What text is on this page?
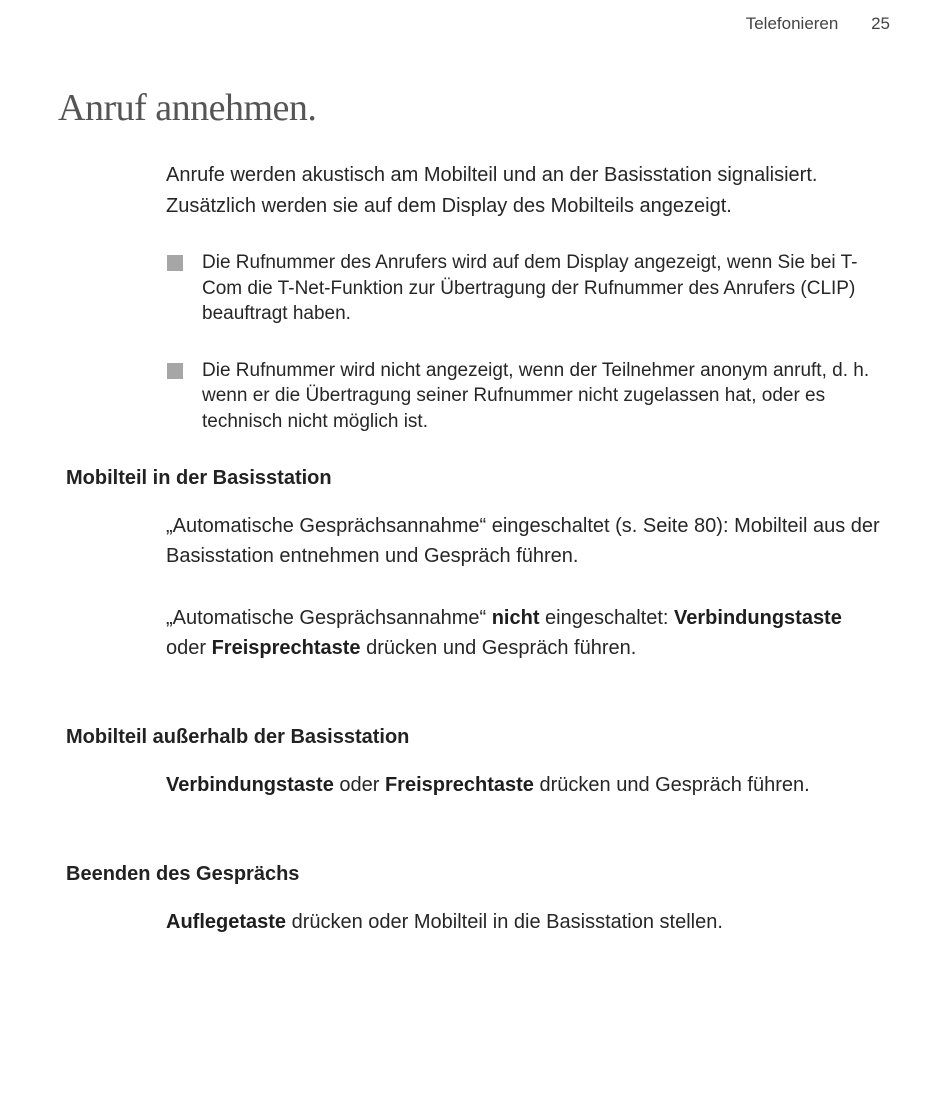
Telefonieren 25
Anruf annehmen.

Anrufe werden akustisch am Mobilteil und an der Basisstation signalisiert.
Zusätzlich werden sie auf dem Display des Mobilteils angezeigt.

Die Rufnummer des Anrufers wird auf dem Display angezeigt, wenn Sie bei T-Com die T-Net-Funktion zur Übertragung der Rufnummer des Anrufers (CLIP) beauftragt haben.
Die Rufnummer wird nicht angezeigt, wenn der Teilnehmer anonym anruft, d. h. wenn er die Übertragung seiner Rufnummer nicht zugelassen hat, oder es technisch nicht möglich ist.
Mobilteil in der Basisstation

„Automatische Gesprächsannahme“ eingeschaltet (s. Seite 80): Mobilteil aus der Basisstation entnehmen und Gespräch führen.

„Automatische Gesprächsannahme“ nicht eingeschaltet: Verbindungstaste oder Freisprechtaste drücken und Gespräch führen.

Mobilteil außerhalb der Basisstation

Verbindungstaste oder Freisprechtaste drücken und Gespräch führen.

Beenden des Gesprächs

Auflegetaste drücken oder Mobilteil in die Basisstation stellen.
